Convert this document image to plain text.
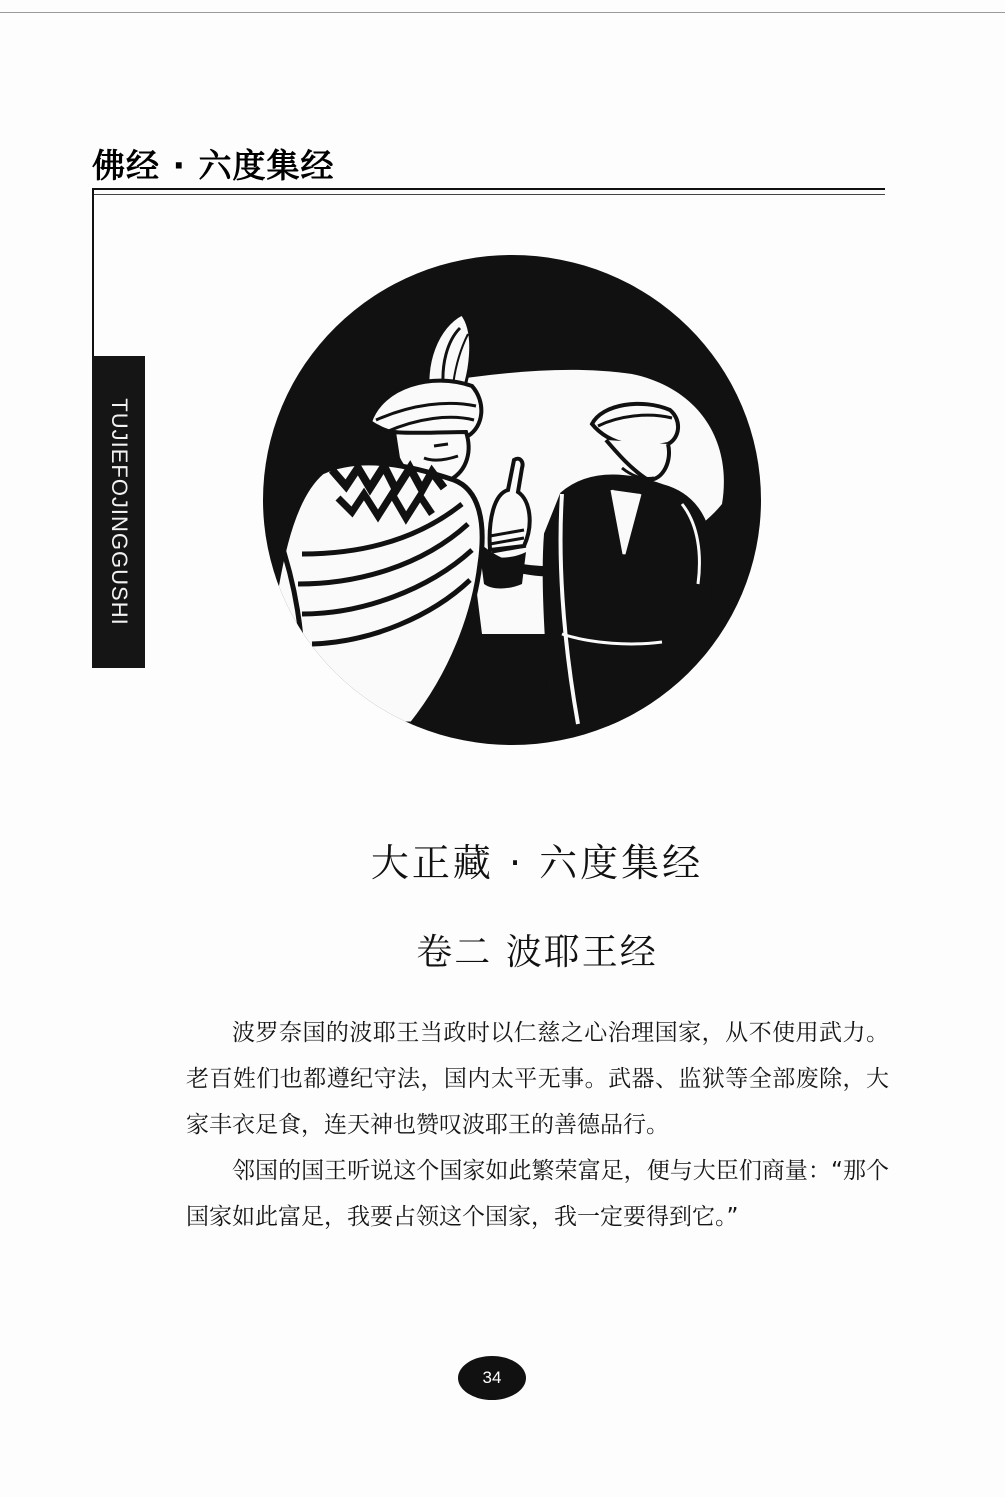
佛经 · 六度集经
TUJIEFOJINGGUSHI
大正藏 · 六度集经
卷二 波耶王经

波罗奈国的波耶王当政时以仁慈之心治理国家，从不使用武力。老百姓们也都遵纪守法，国内太平无事。武器、监狱等全部废除，大家丰衣足食，连天神也赞叹波耶王的善德品行。

邻国的国王听说这个国家如此繁荣富足，便与大臣们商量：“那个国家如此富足，我要占领这个国家，我一定要得到它。”

34
